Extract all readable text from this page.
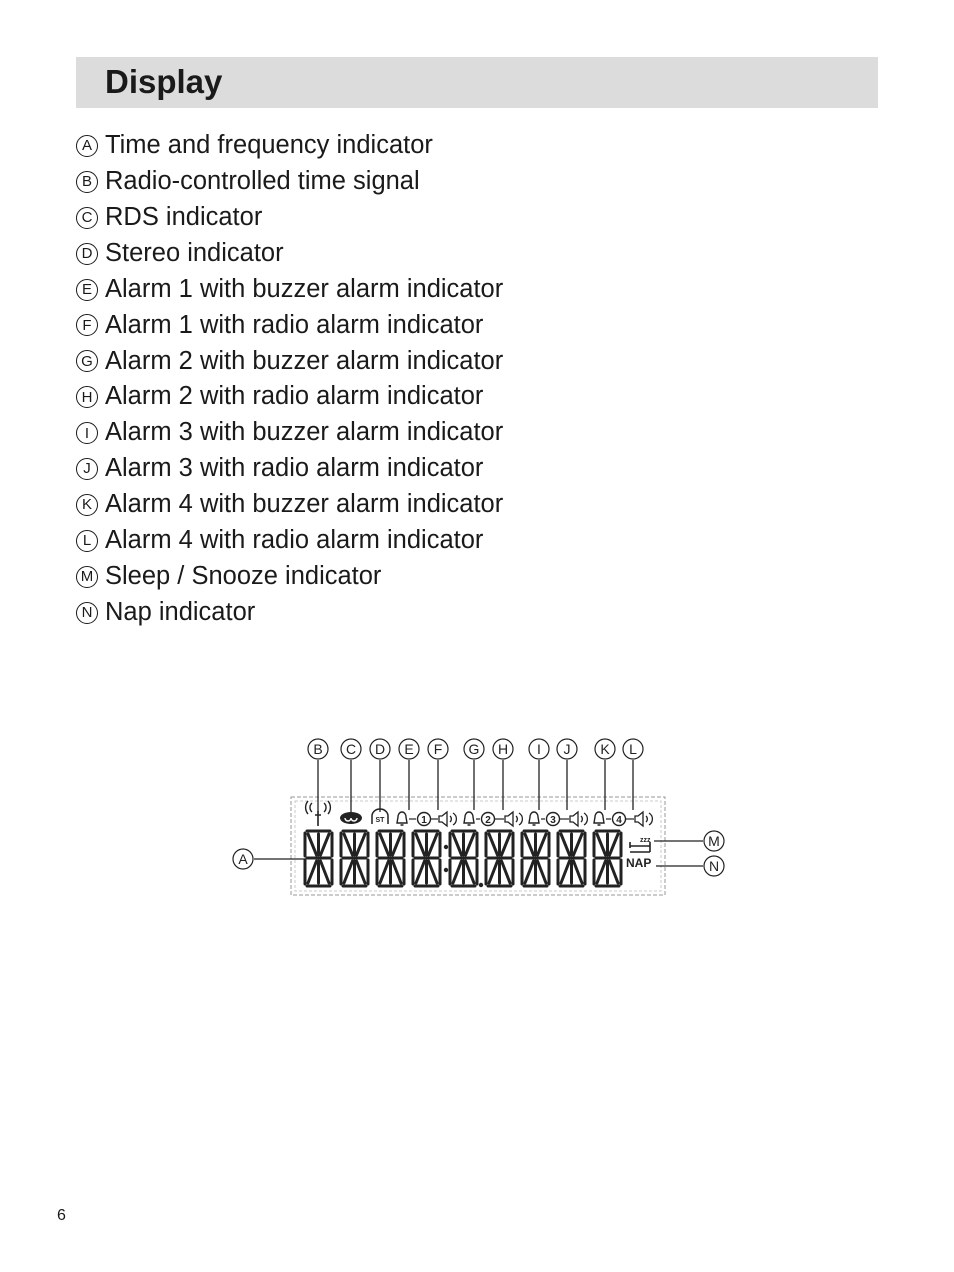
Display
A Time and frequency indicator
B Radio-controlled time signal
C RDS indicator
D Stereo indicator
E Alarm 1 with buzzer alarm indicator
F Alarm 1 with radio alarm indicator
G Alarm 2 with buzzer alarm indicator
H Alarm 2 with radio alarm indicator
I Alarm 3 with buzzer alarm indicator
J Alarm 3 with radio alarm indicator
K Alarm 4 with buzzer alarm indicator
L Alarm 4 with radio alarm indicator
M Sleep / Snooze indicator
N Nap indicator
B C D E F G H I J K L
ST	1	2	3	4
zzz
NAP
A
M
N
6
